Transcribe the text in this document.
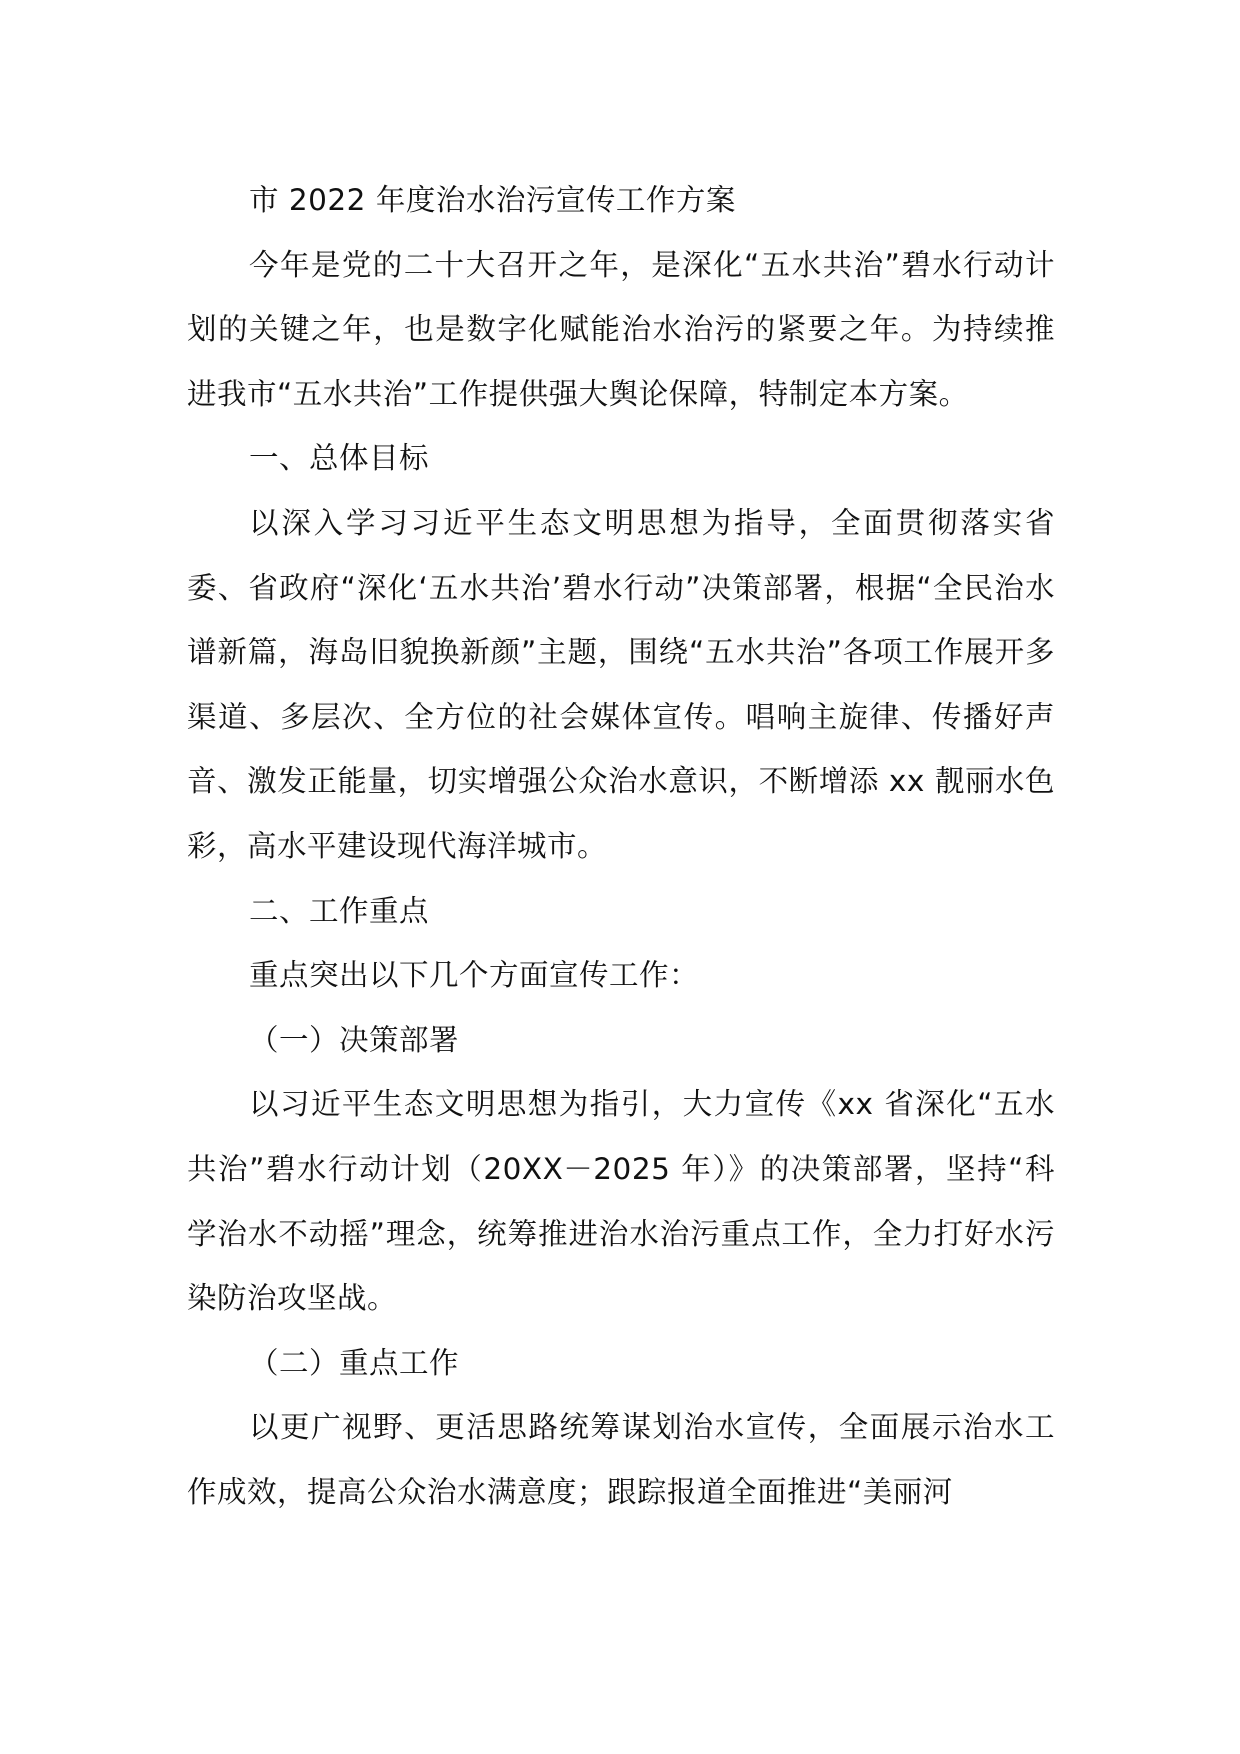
市 2022 年度治水治污宣传工作方案

今年是党的二十大召开之年，是深化“五水共治”碧水行动计划的关键之年，也是数字化赋能治水治污的紧要之年。为持续推进我市“五水共治”工作提供强大舆论保障，特制定本方案。

一、总体目标

以深入学习习近平生态文明思想为指导，全面贯彻落实省委、省政府“深化‘五水共治’碧水行动”决策部署，根据“全民治水谱新篇，海岛旧貌换新颜”主题，围绕“五水共治”各项工作展开多渠道、多层次、全方位的社会媒体宣传。唱响主旋律、传播好声音、激发正能量，切实增强公众治水意识，不断增添 xx 靓丽水色彩，高水平建设现代海洋城市。

二、工作重点

重点突出以下几个方面宣传工作：

（一）决策部署

以习近平生态文明思想为指引，大力宣传《xx 省深化“五水共治”碧水行动计划（20XX－2025 年）》的决策部署，坚持“科学治水不动摇”理念，统筹推进治水治污重点工作，全力打好水污染防治攻坚战。

（二）重点工作

以更广视野、更活思路统筹谋划治水宣传，全面展示治水工作成效，提高公众治水满意度；跟踪报道全面推进“美丽河
